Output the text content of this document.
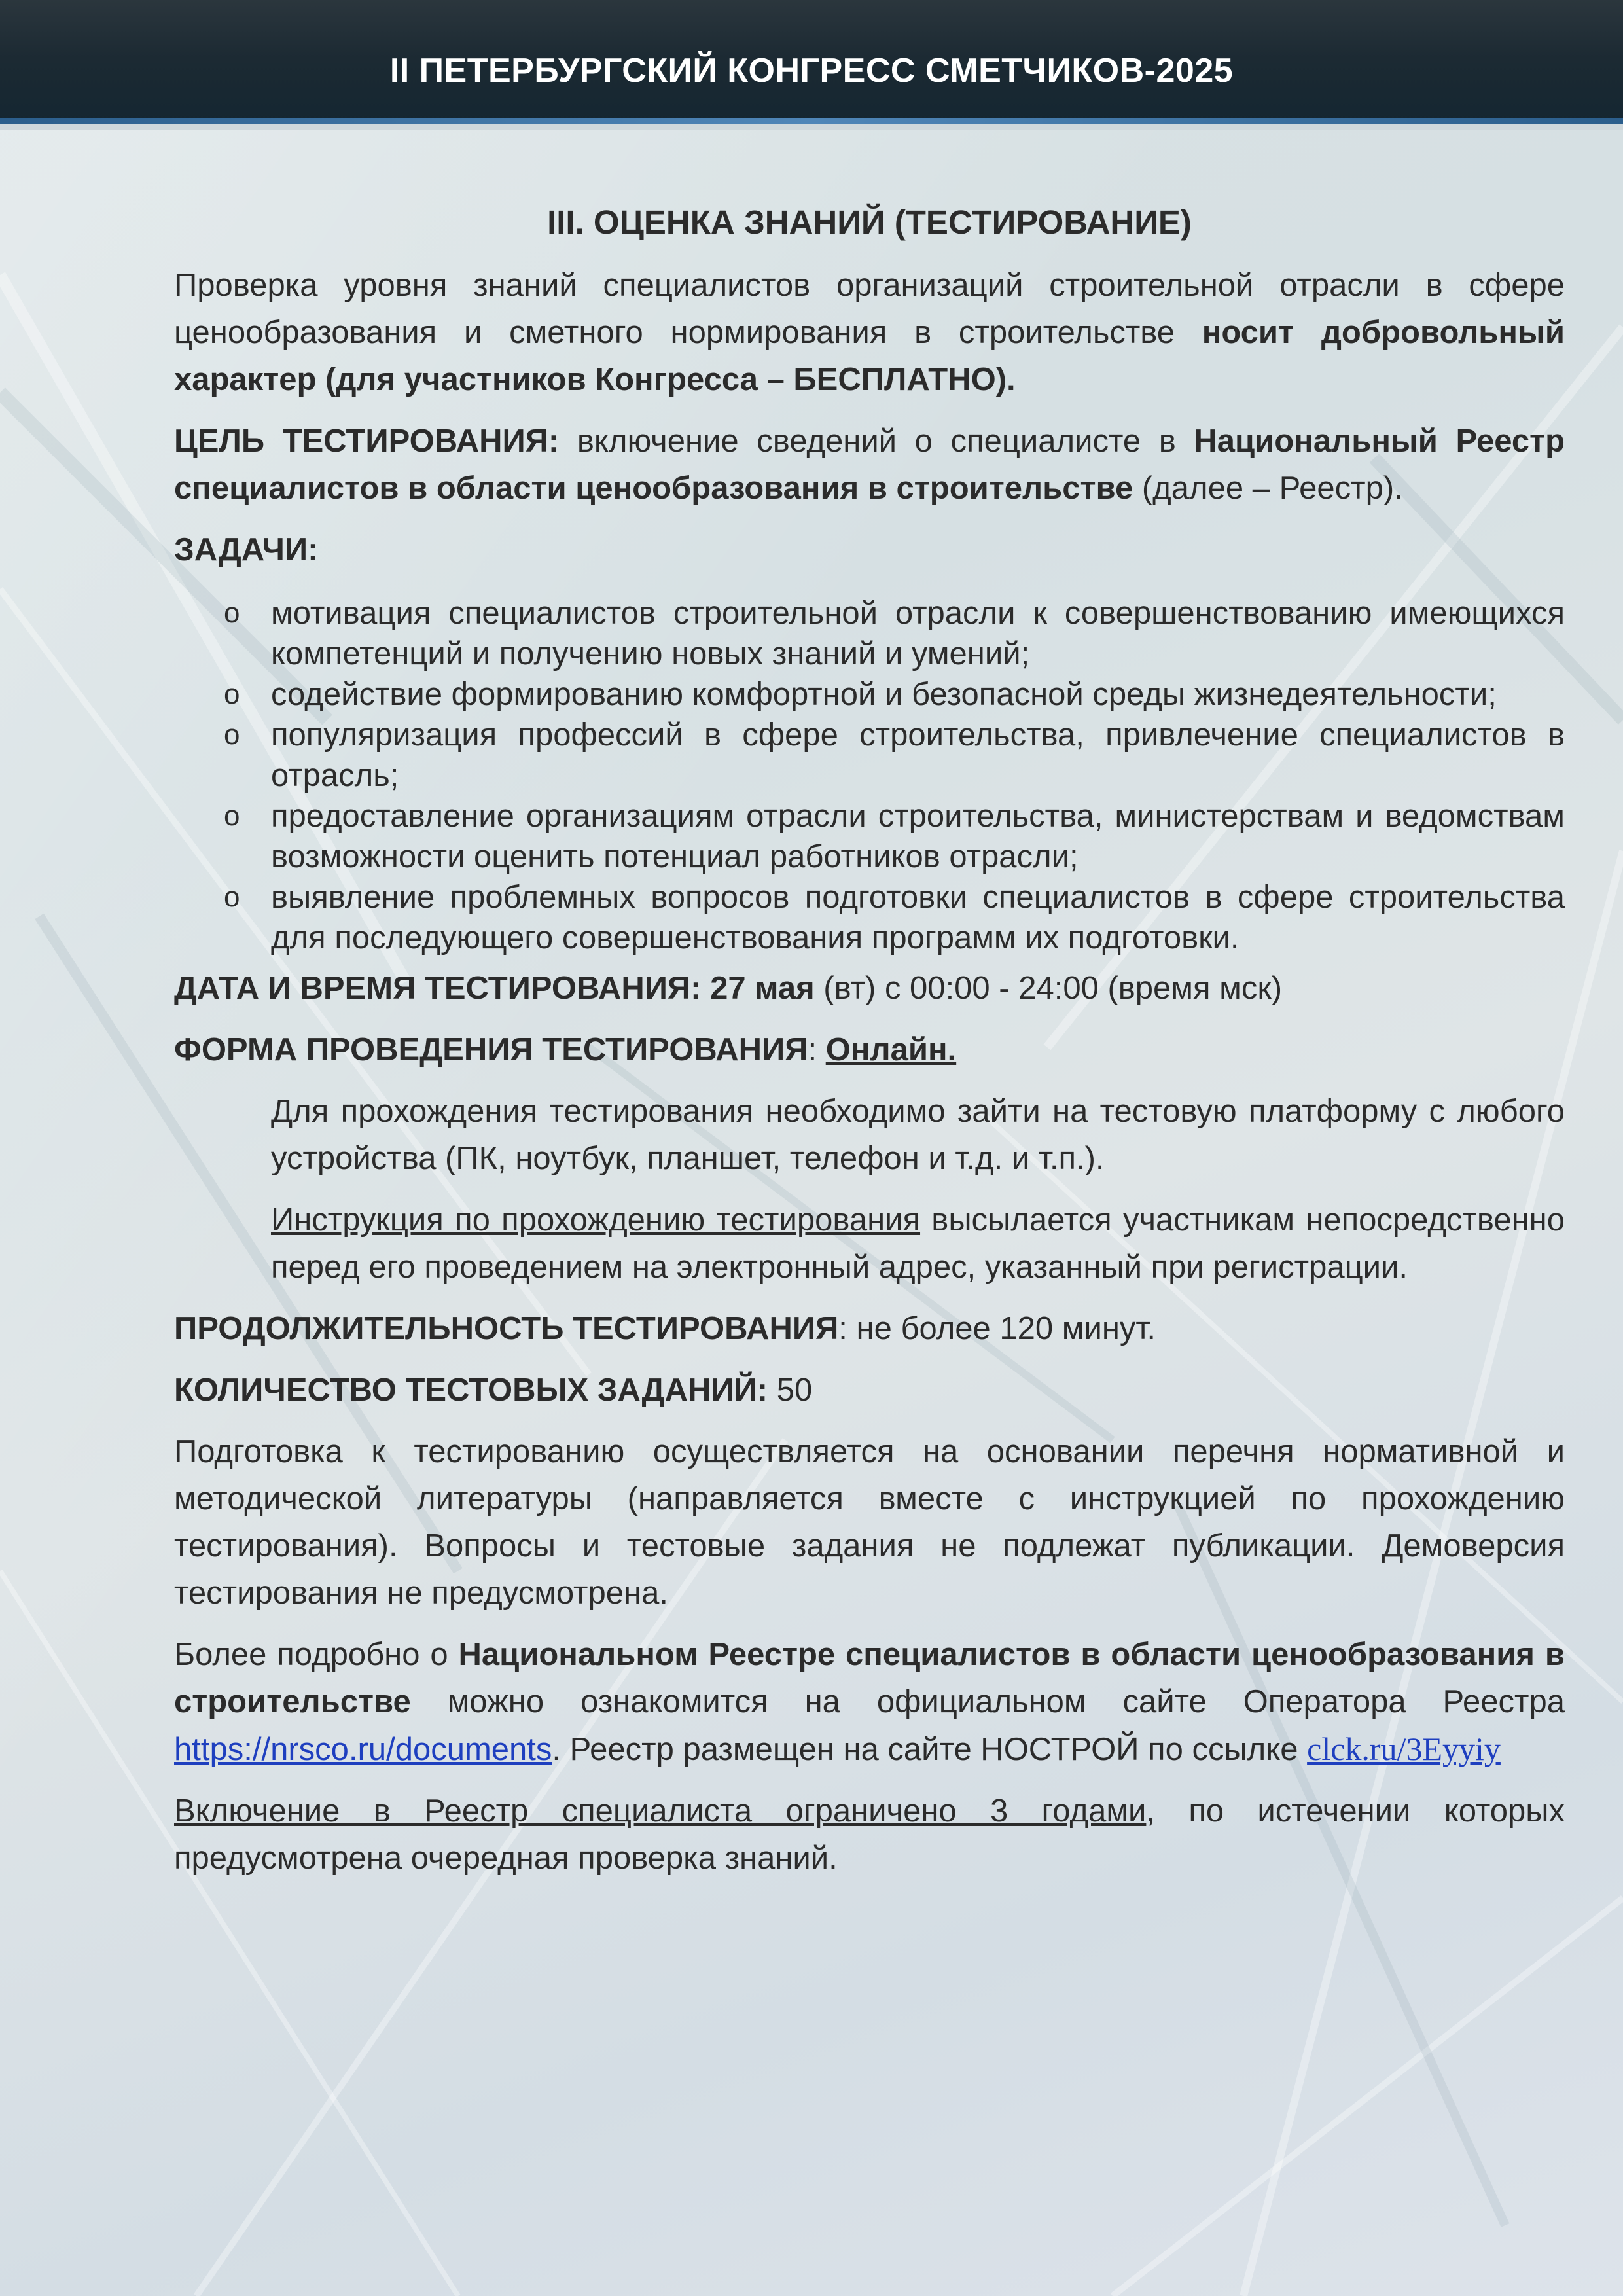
II ПЕТЕРБУРГСКИЙ КОНГРЕСС СМЕТЧИКОВ-2025
III. ОЦЕНКА ЗНАНИЙ (ТЕСТИРОВАНИЕ)

Проверка уровня знаний специалистов организаций строительной отрасли в сфере ценообразования и сметного нормирования в строительстве носит добровольный характер (для участников Конгресса – БЕСПЛАТНО).

ЦЕЛЬ ТЕСТИРОВАНИЯ: включение сведений о специалисте в Национальный Реестр специалистов в области ценообразования в строительстве (далее – Реестр).

ЗАДАЧИ:

o мотивация специалистов строительной отрасли к совершенствованию имеющихся компетенций и получению новых знаний и умений;
o содействие формированию комфортной и безопасной среды жизнедеятельности;
o популяризация профессий в сфере строительства, привлечение специалистов в отрасль;
o предоставление организациям отрасли строительства, министерствам и ведомствам возможности оценить потенциал работников отрасли;
o выявление проблемных вопросов подготовки специалистов в сфере строительства для последующего совершенствования программ их подготовки.

ДАТА И ВРЕМЯ ТЕСТИРОВАНИЯ: 27 мая (вт) с 00:00 - 24:00 (время мск)

ФОРМА ПРОВЕДЕНИЯ ТЕСТИРОВАНИЯ: Онлайн.

Для прохождения тестирования необходимо зайти на тестовую платформу с любого устройства (ПК, ноутбук, планшет, телефон и т.д. и т.п.).

Инструкция по прохождению тестирования высылается участникам непосредственно перед его проведением на электронный адрес, указанный при регистрации.

ПРОДОЛЖИТЕЛЬНОСТЬ ТЕСТИРОВАНИЯ: не более 120 минут.

КОЛИЧЕСТВО ТЕСТОВЫХ ЗАДАНИЙ: 50

Подготовка к тестированию осуществляется на основании перечня нормативной и методической литературы (направляется вместе с инструкцией по прохождению тестирования). Вопросы и тестовые задания не подлежат публикации. Демоверсия тестирования не предусмотрена.

Более подробно о Национальном Реестре специалистов в области ценообразования в строительстве можно ознакомится на официальном сайте Оператора Реестра https://nrsco.ru/documents. Реестр размещен на сайте НОСТРОЙ по ссылке clck.ru/3Eyyiy

Включение в Реестр специалиста ограничено 3 годами, по истечении которых предусмотрена очередная проверка знаний.
